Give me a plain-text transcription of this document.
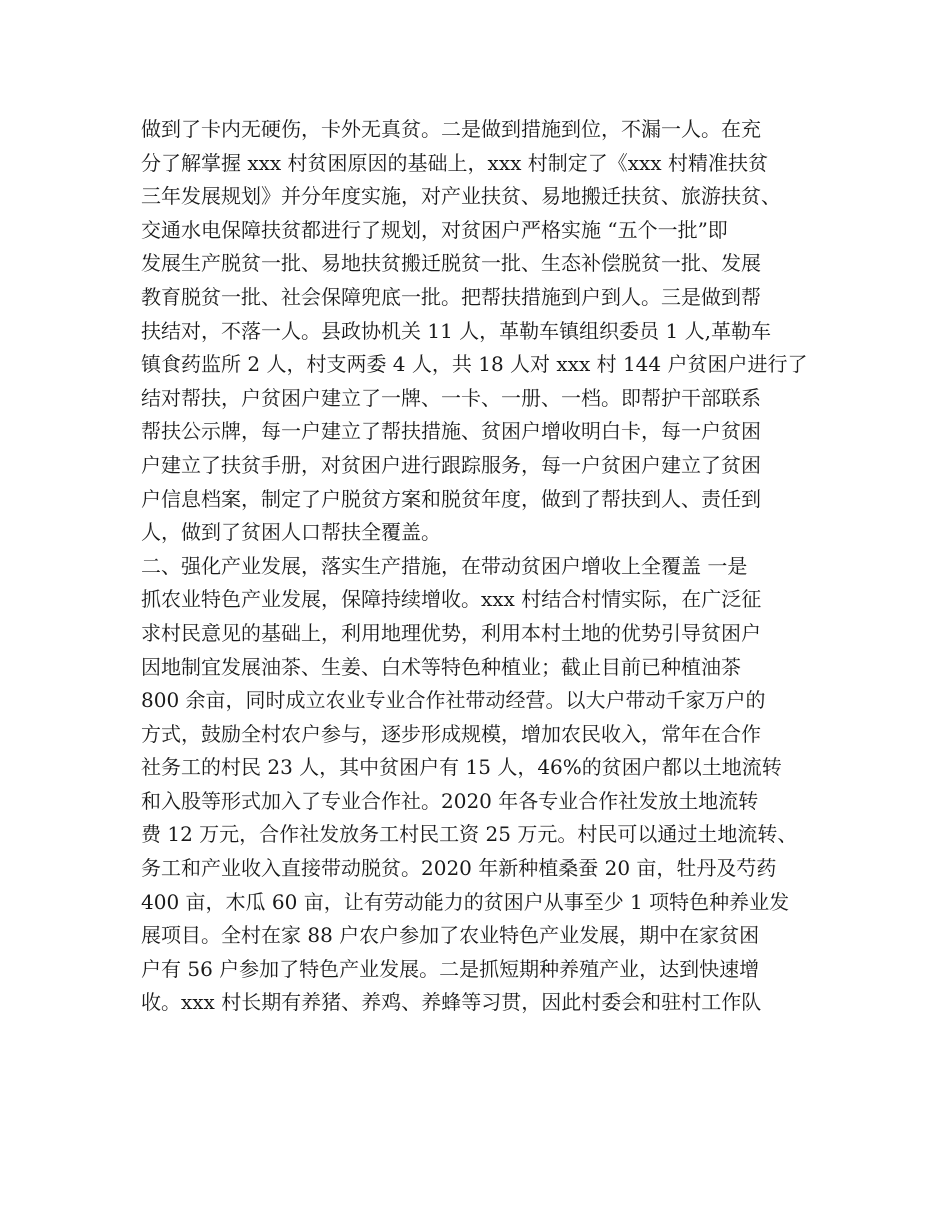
做到了卡内无硬伤，卡外无真贫。二是做到措施到位，不漏一人。在充
分了解掌握 xxx 村贫困原因的基础上，xxx 村制定了《xxx 村精准扶贫
三年发展规划》并分年度实施，对产业扶贫、易地搬迁扶贫、旅游扶贫、
交通水电保障扶贫都进行了规划，对贫困户严格实施 “五个一批”即
发展生产脱贫一批、易地扶贫搬迁脱贫一批、生态补偿脱贫一批、发展
教育脱贫一批、社会保障兜底一批。把帮扶措施到户到人。三是做到帮
扶结对，不落一人。县政协机关 11 人，革勒车镇组织委员 1 人,革勒车
镇食药监所 2 人，村支两委 4 人，共 18 人对 xxx 村 144 户贫困户进行了
结对帮扶，户贫困户建立了一牌、一卡、一册、一档。即帮护干部联系
帮扶公示牌，每一户建立了帮扶措施、贫困户增收明白卡，每一户贫困
户建立了扶贫手册，对贫困户进行跟踪服务，每一户贫困户建立了贫困
户信息档案，制定了户脱贫方案和脱贫年度，做到了帮扶到人、责任到
人，做到了贫困人口帮扶全覆盖。
二、强化产业发展，落实生产措施，在带动贫困户增收上全覆盖 一是
抓农业特色产业发展，保障持续增收。xxx 村结合村情实际，在广泛征
求村民意见的基础上，利用地理优势，利用本村土地的优势引导贫困户
因地制宜发展油茶、生姜、白术等特色种植业；截止目前已种植油茶
800 余亩，同时成立农业专业合作社带动经营。以大户带动千家万户的
方式，鼓励全村农户参与，逐步形成规模，增加农民收入，常年在合作
社务工的村民 23 人，其中贫困户有 15 人，46%的贫困户都以土地流转
和入股等形式加入了专业合作社。2020 年各专业合作社发放土地流转
费 12 万元，合作社发放务工村民工资 25 万元。村民可以通过土地流转、
务工和产业收入直接带动脱贫。2020 年新种植桑蚕 20 亩，牡丹及芍药
400 亩，木瓜 60 亩，让有劳动能力的贫困户从事至少 1 项特色种养业发
展项目。全村在家 88 户农户参加了农业特色产业发展，期中在家贫困
户有 56 户参加了特色产业发展。二是抓短期种养殖产业，达到快速增
收。xxx 村长期有养猪、养鸡、养蜂等习贯，因此村委会和驻村工作队
